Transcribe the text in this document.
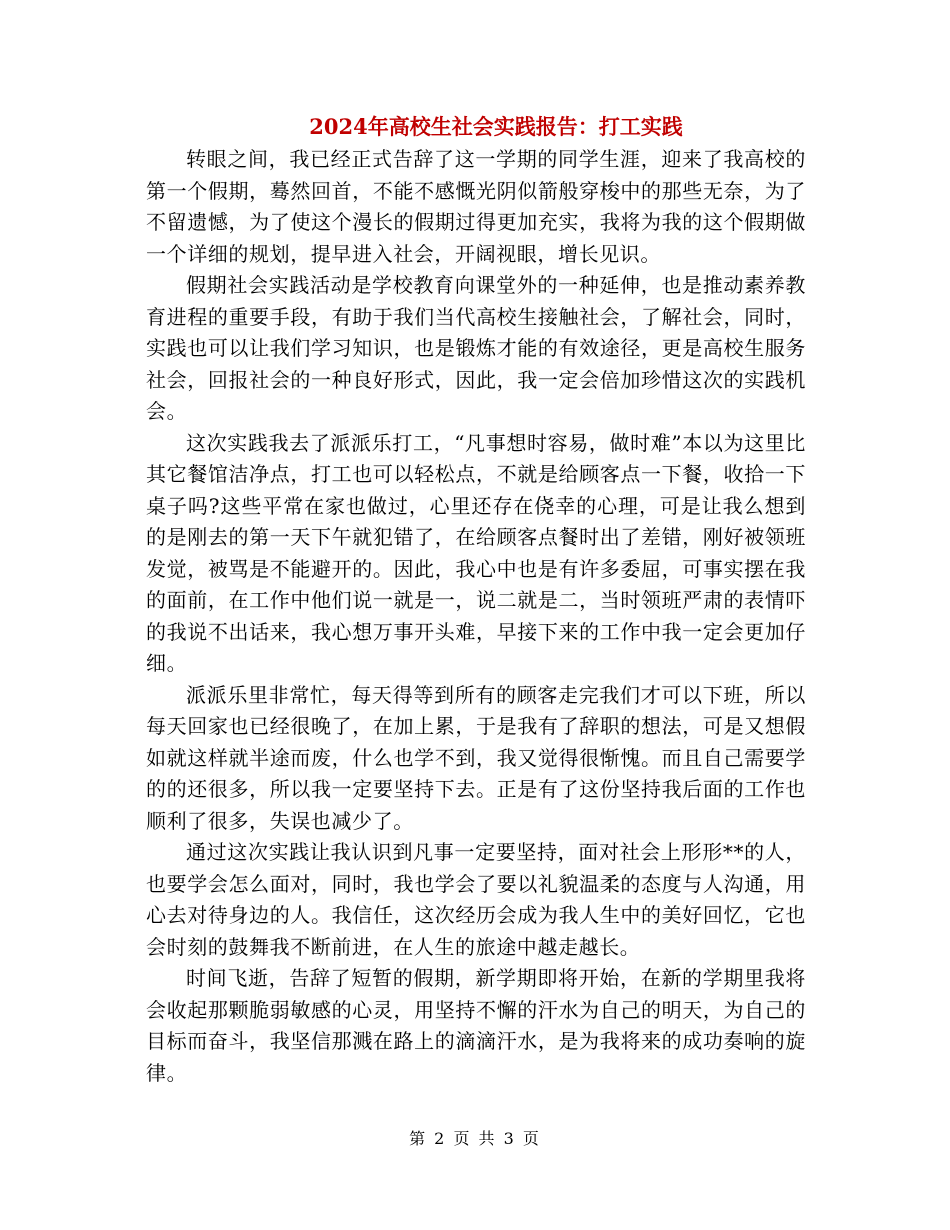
2024年高校生社会实践报告：打工实践

转眼之间，我已经正式告辞了这一学期的同学生涯，迎来了我高校的第一个假期，蓦然回首，不能不感慨光阴似箭般穿梭中的那些无奈，为了不留遗憾，为了使这个漫长的假期过得更加充实，我将为我的这个假期做一个详细的规划，提早进入社会，开阔视眼，增长见识。

假期社会实践活动是学校教育向课堂外的一种延伸，也是推动素养教育进程的重要手段，有助于我们当代高校生接触社会，了解社会，同时，实践也可以让我们学习知识，也是锻炼才能的有效途径，更是高校生服务社会，回报社会的一种良好形式，因此，我一定会倍加珍惜这次的实践机会。

这次实践我去了派派乐打工，“凡事想时容易，做时难”本以为这里比其它餐馆洁净点，打工也可以轻松点，不就是给顾客点一下餐，收拾一下桌子吗?这些平常在家也做过，心里还存在侥幸的心理，可是让我么想到的是刚去的第一天下午就犯错了，在给顾客点餐时出了差错，刚好被领班发觉，被骂是不能避开的。因此，我心中也是有许多委屈，可事实摆在我的面前，在工作中他们说一就是一，说二就是二，当时领班严肃的表情吓的我说不出话来，我心想万事开头难，早接下来的工作中我一定会更加仔细。

派派乐里非常忙，每天得等到所有的顾客走完我们才可以下班，所以每天回家也已经很晚了，在加上累，于是我有了辞职的想法，可是又想假如就这样就半途而废，什么也学不到，我又觉得很惭愧。而且自己需要学的的还很多，所以我一定要坚持下去。正是有了这份坚持我后面的工作也顺利了很多，失误也减少了。

通过这次实践让我认识到凡事一定要坚持，面对社会上形形**的人，也要学会怎么面对，同时，我也学会了要以礼貌温柔的态度与人沟通，用心去对待身边的人。我信任，这次经历会成为我人生中的美好回忆，它也会时刻的鼓舞我不断前进，在人生的旅途中越走越长。

时间飞逝，告辞了短暂的假期，新学期即将开始，在新的学期里我将会收起那颗脆弱敏感的心灵，用坚持不懈的汗水为自己的明天，为自己的目标而奋斗，我坚信那溅在路上的滴滴汗水，是为我将来的成功奏响的旋律。

第 2 页 共 3 页
